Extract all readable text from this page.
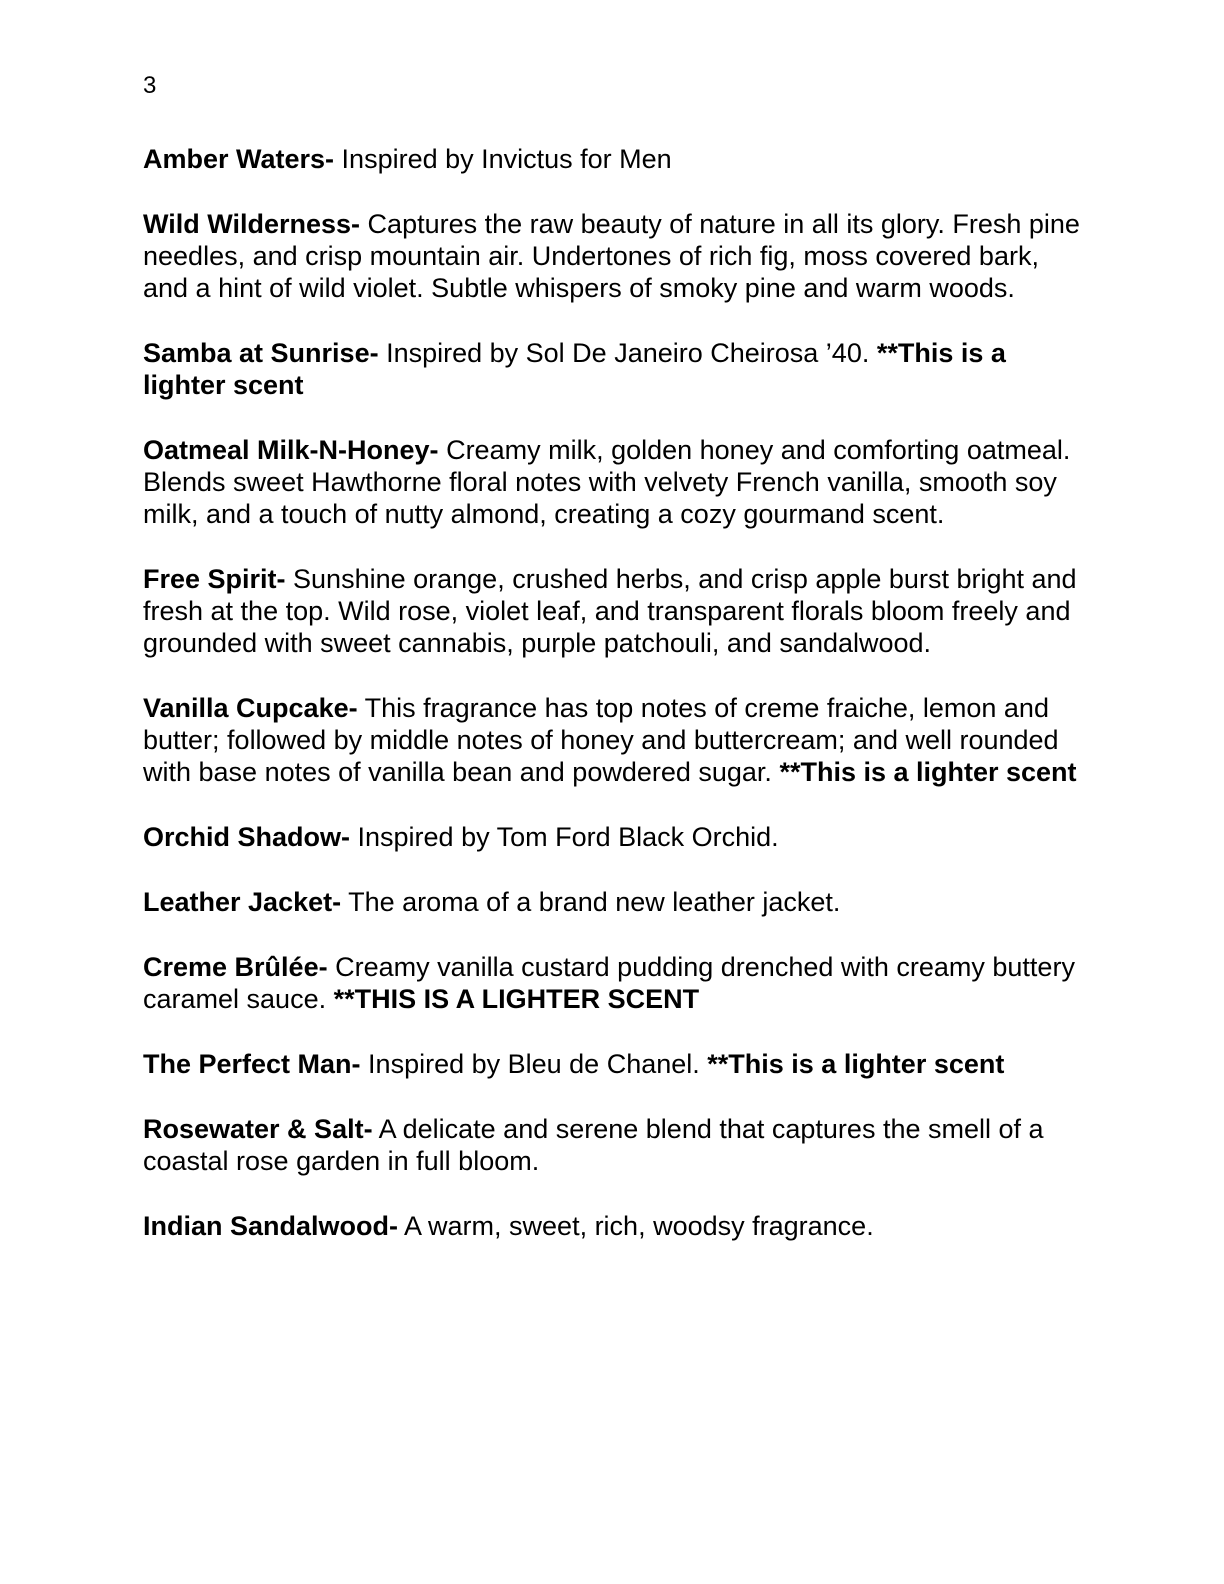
3

Amber Waters- Inspired by Invictus for Men

Wild Wilderness- Captures the raw beauty of nature in all its glory. Fresh pine needles, and crisp mountain air. Undertones of rich fig, moss covered bark, and a hint of wild violet. Subtle whispers of smoky pine and warm woods.

Samba at Sunrise- Inspired by Sol De Janeiro Cheirosa ’40. **This is a lighter scent

Oatmeal Milk-N-Honey- Creamy milk, golden honey and comforting oatmeal. Blends sweet Hawthorne floral notes with velvety French vanilla, smooth soy milk, and a touch of nutty almond, creating a cozy gourmand scent.

Free Spirit- Sunshine orange, crushed herbs, and crisp apple burst bright and fresh at the top. Wild rose, violet leaf, and transparent florals bloom freely and grounded with sweet cannabis, purple patchouli, and sandalwood.

Vanilla Cupcake- This fragrance has top notes of creme fraiche, lemon and butter; followed by middle notes of honey and buttercream; and well rounded with base notes of vanilla bean and powdered sugar. **This is a lighter scent

Orchid Shadow- Inspired by Tom Ford Black Orchid.

Leather Jacket- The aroma of a brand new leather jacket.

Creme Brûlée- Creamy vanilla custard pudding drenched with creamy buttery caramel sauce. **THIS IS A LIGHTER SCENT

The Perfect Man- Inspired by Bleu de Chanel. **This is a lighter scent

Rosewater & Salt- A delicate and serene blend that captures the smell of a coastal rose garden in full bloom.

Indian Sandalwood- A warm, sweet, rich, woodsy fragrance.
